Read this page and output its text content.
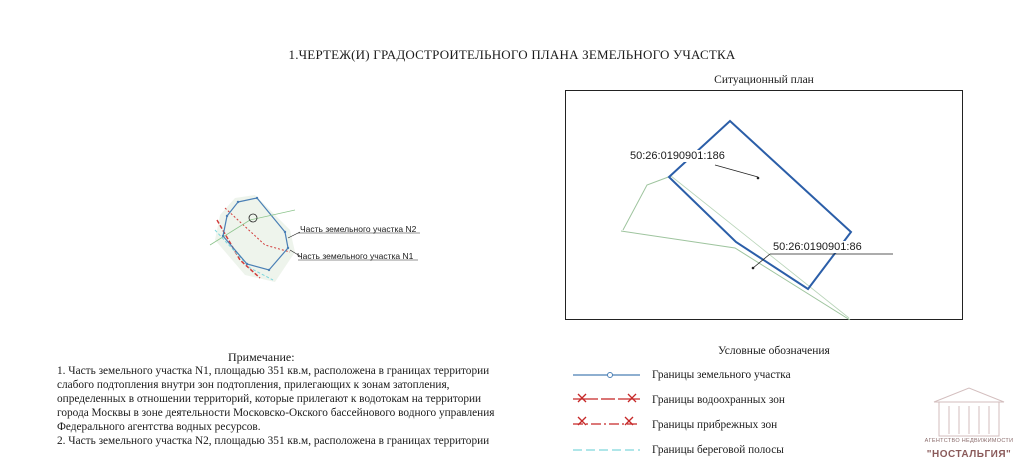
1.ЧЕРТЕЖ(И) ГРАДОСТРОИТЕЛЬНОГО ПЛАНА ЗЕМЕЛЬНОГО УЧАСТКА
Ситуационный план
50:26:0190901:186
50:26:0190901:86
Часть земельного участка N2
Часть земельного участка N1
Примечание:

1. Часть земельного участка N1, площадью 351 кв.м, расположена в границах территории

слабого подтопления внутри зон подтопления, прилегающих к зонам затопления,

определенных в отношении территорий, которые прилегают к водотокам на территории

города Москвы в зоне деятельности Московско-Окского бассейнового водного управления

Федерального агентства водных ресурсов.

2. Часть земельного участка N2, площадью 351 кв.м, расположена в границах территории

Условные обозначения
Границы земельного участка
Границы водоохранных зон
Границы прибрежных зон
Границы береговой полосы
АГЕНТСТВО НЕДВИЖИМОСТИ
"НОСТАЛЬГИЯ"
